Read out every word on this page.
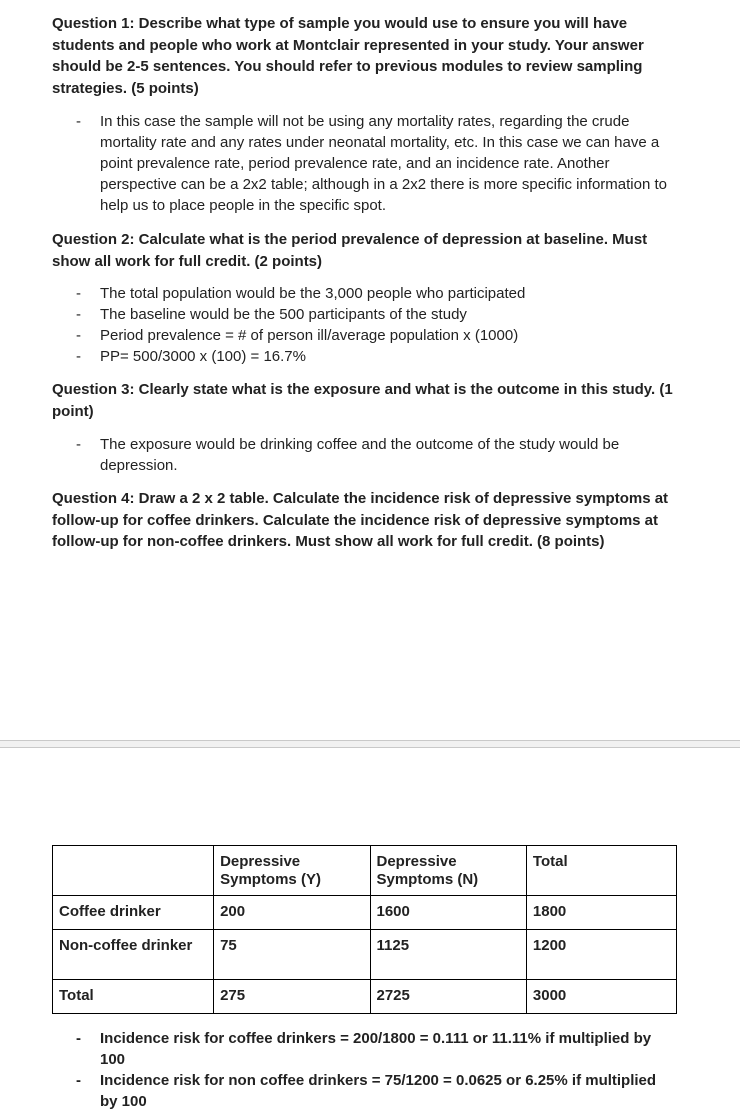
Question 1: Describe what type of sample you would use to ensure you will have students and people who work at Montclair represented in your study. Your answer should be 2-5 sentences. You should refer to previous modules to review sampling strategies. (5 points)
- In this case the sample will not be using any mortality rates, regarding the crude mortality rate and any rates under neonatal mortality, etc. In this case we can have a point prevalence rate, period prevalence rate, and an incidence rate. Another perspective can be a 2x2 table; although in a 2x2 there is more specific information to help us to place people in the specific spot.
Question 2: Calculate what is the period prevalence of depression at baseline. Must show all work for full credit. (2 points)
- The total population would be the 3,000 people who participated
- The baseline would be the 500 participants of the study
- Period prevalence = # of person ill/average population x (1000)
- PP= 500/3000 x (100) = 16.7%
Question 3: Clearly state what is the exposure and what is the outcome in this study. (1 point)
- The exposure would be drinking coffee and the outcome of the study would be depression.
Question 4: Draw a 2 x 2 table. Calculate the incidence risk of depressive symptoms at follow-up for coffee drinkers. Calculate the incidence risk of depressive symptoms at follow-up for non-coffee drinkers. Must show all work for full credit. (8 points)
	Depressive Symptoms (Y)	Depressive Symptoms (N)	Total
Coffee drinker	200	1600	1800
Non-coffee drinker	75	1125	1200
Total	275	2725	3000
- Incidence risk for coffee drinkers = 200/1800 = 0.111 or 11.11% if multiplied by 100
- Incidence risk for non coffee drinkers = 75/1200 = 0.0625 or 6.25% if multiplied by 100
